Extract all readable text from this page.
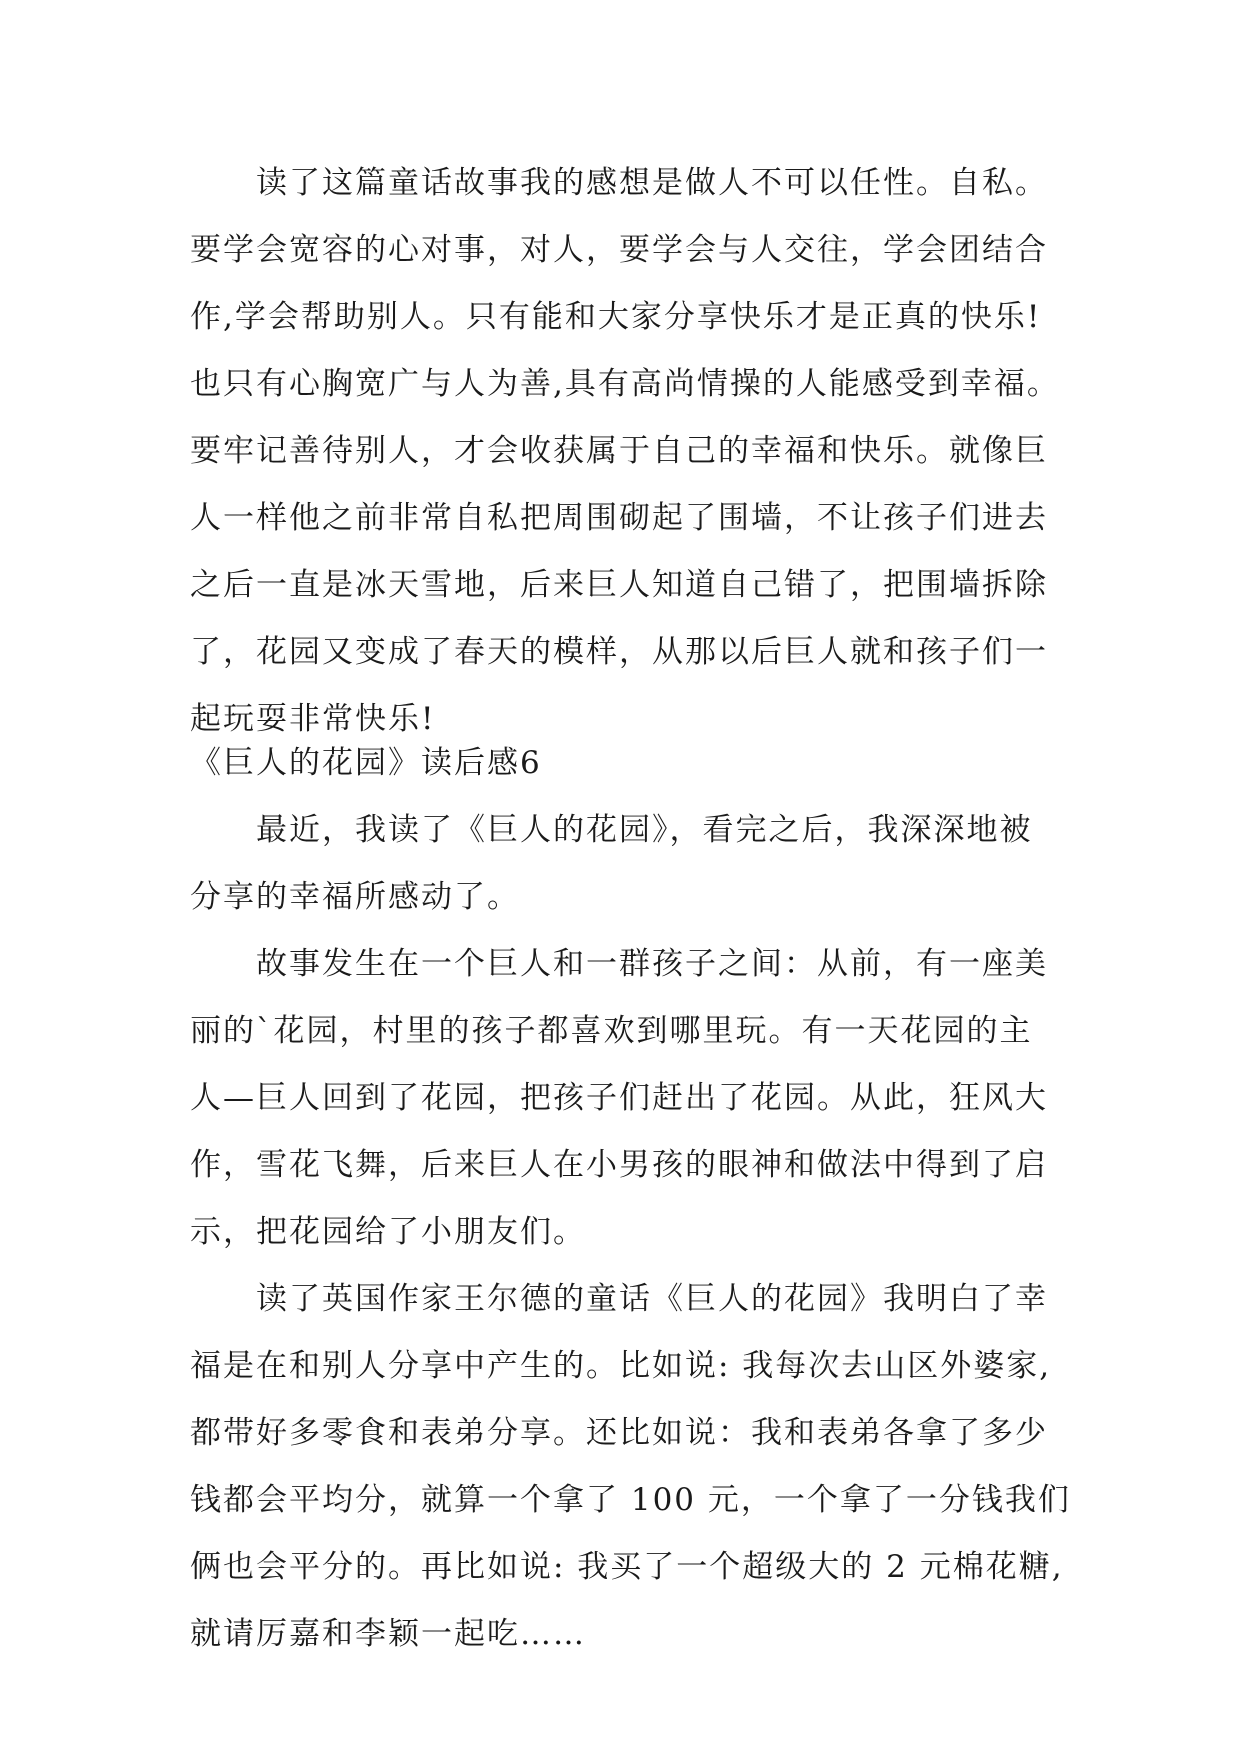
读了这篇童话故事我的感想是做人不可以任性。自私。
要学会宽容的心对事，对人，要学会与人交往，学会团结合
作,学会帮助别人。只有能和大家分享快乐才是正真的快乐!
也只有心胸宽广与人为善,具有高尚情操的人能感受到幸福。
要牢记善待别人，才会收获属于自己的幸福和快乐。就像巨
人一样他之前非常自私把周围砌起了围墙，不让孩子们进去
之后一直是冰天雪地，后来巨人知道自己错了，把围墙拆除
了，花园又变成了春天的模样，从那以后巨人就和孩子们一
起玩耍非常快乐!
《巨人的花园》读后感6
最近，我读了《巨人的花园》，看完之后，我深深地被
分享的幸福所感动了。
故事发生在一个巨人和一群孩子之间：从前，有一座美
丽的`花园，村里的孩子都喜欢到哪里玩。有一天花园的主
人—巨人回到了花园，把孩子们赶出了花园。从此，狂风大
作，雪花飞舞，后来巨人在小男孩的眼神和做法中得到了启
示，把花园给了小朋友们。
读了英国作家王尔德的童话《巨人的花园》我明白了幸
福是在和别人分享中产生的。比如说: 我每次去山区外婆家,
都带好多零食和表弟分享。还比如说：我和表弟各拿了多少
钱都会平均分，就算一个拿了 100 元，一个拿了一分钱我们
俩也会平分的。再比如说: 我买了一个超级大的 2 元棉花糖,
就请厉嘉和李颖一起吃……
